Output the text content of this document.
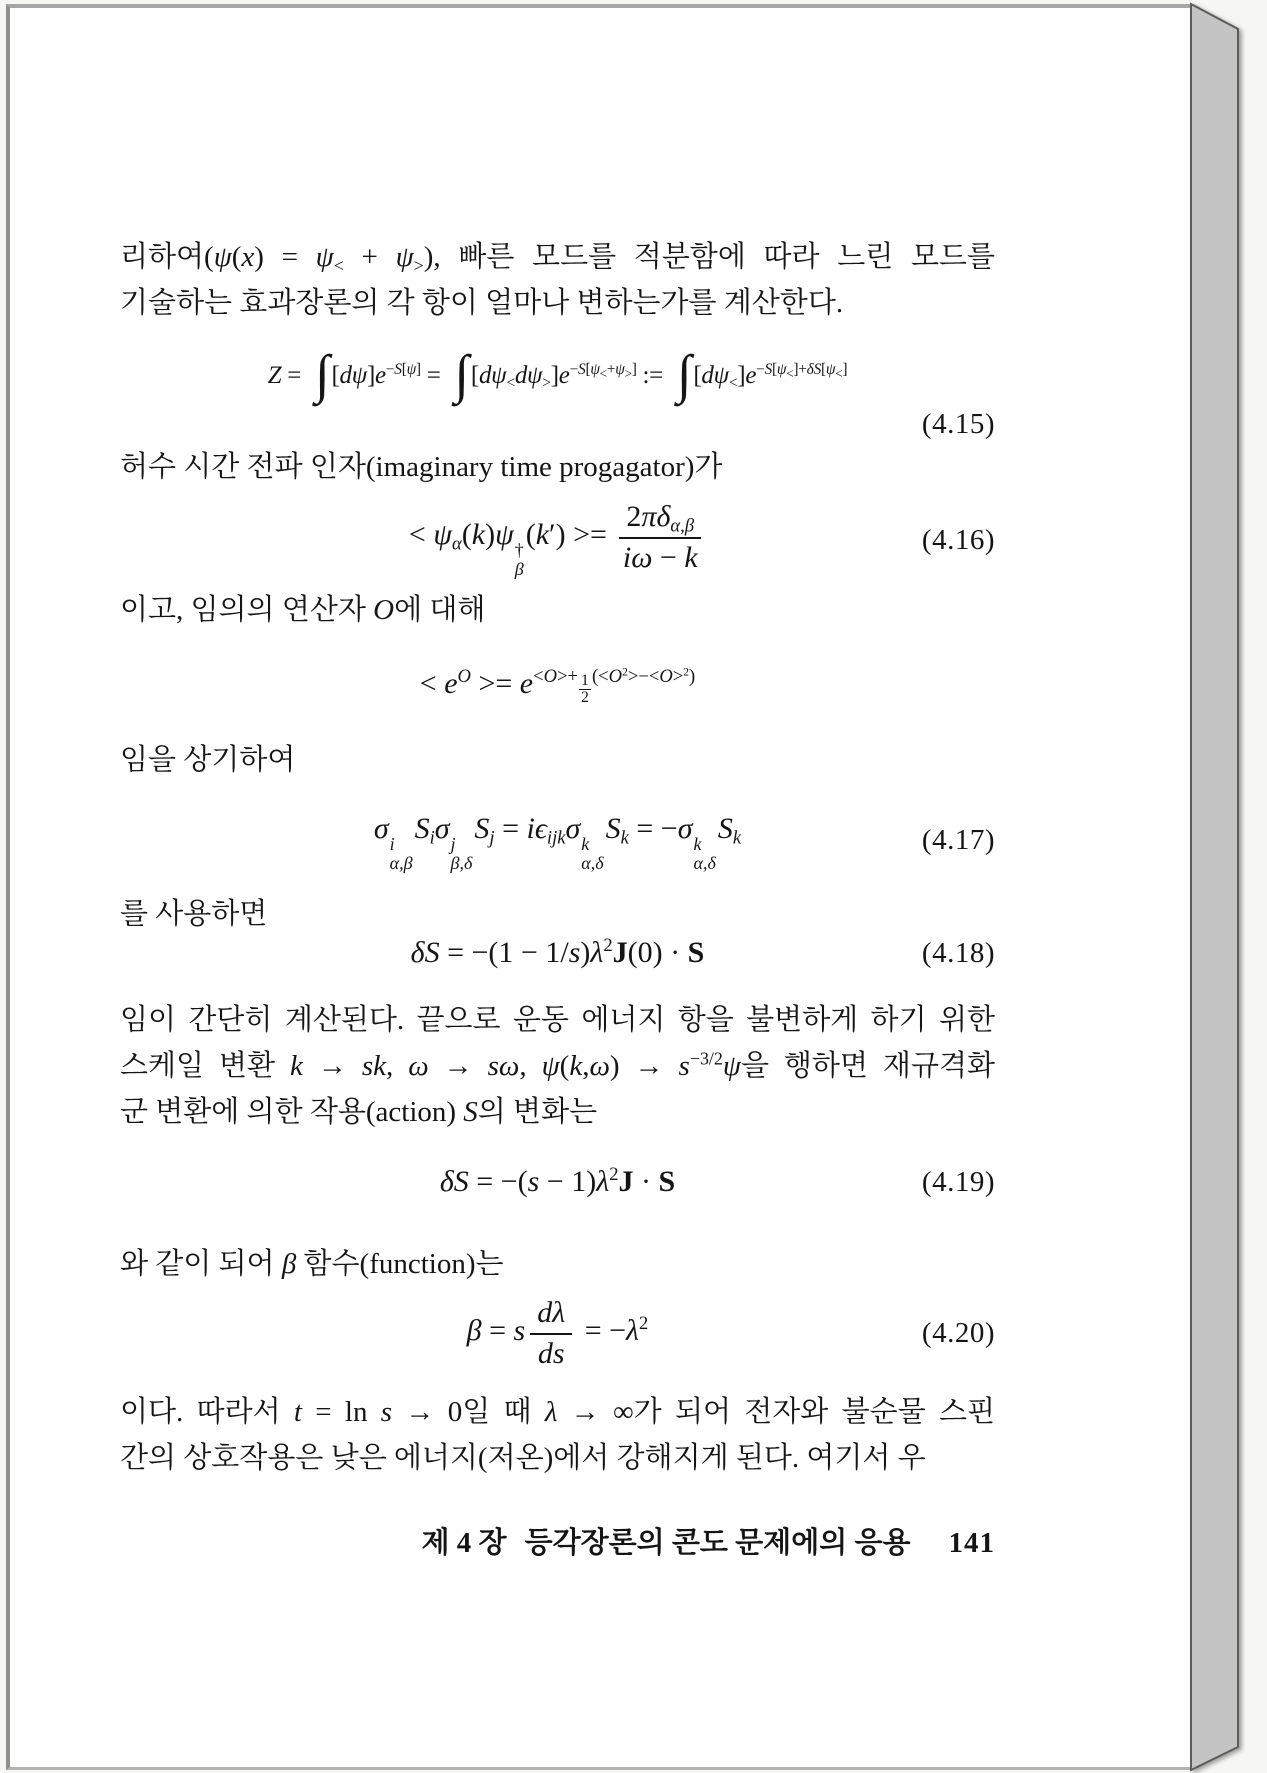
리하여$(\psi(x) = \psi_< + \psi_>)$, 빠른 모드를 적분함에 따라 느린 모드를
기술하는 효과장론의 각 항이 얼마나 변하는가를 계산한다.
$Z = \int[d\psi]e^{-S[\psi]} = \int[d\psi_<d\psi_>]e^{-S[\psi_<+\psi_>]}$ := $\int[d\psi_<]e^{-S[\psi_<]+\delta S[\psi_<]}$
(4.15)
허수 시간 전파 인자(imaginary time progagator)가
< $\psi_\alpha(k)\psi$ †
β
$(k') >= \frac{2\pi\delta_{\alpha,\beta}}{i\omega - k}$	(4.16)
이고, 임의의 연산자 O에 대해
< $e^O >= e^{<O>+ \frac{1}{2} (<O^2>-<O>^2)}$
임을 상기하여
σ i
α,β
$S_i\sigma$ j
β,δ
$S_j = i\epsilon_{ijk}\sigma$ k
α,δ
$S_k = -\sigma$ k
α,δ
$S_k$	(4.17)
를 사용하면
$\delta S = -(1 - 1/s)\lambda^2J(0) \cdot S$	(4.18)
임이 간단히 계산된다. 끝으로 운동 에너지 항을 불변하게 하기 위한
스케일 변환 k → sk, ω → sω, $\psi(k,\omega) \to s^{-3/2}\psi$을 행하면 재규격화
군 변환에 의한 작용(action) S의 변화는
$\delta S = -(s - 1)\lambda^2J \cdot S$	(4.19)
와 같이 되어 β 함수(function)는
β = s $\frac{d\lambda}{ds} = -\lambda^2$	(4.20)
이다. 따라서 t = ln s → 0일 때 λ → ∞가 되어 전자와 불순물 스핀
간의 상호작용은 낮은 에너지(저온)에서 강해지게 된다. 여기서 우
제 4 장 등각장론의 콘도 문제에의 응용 141
